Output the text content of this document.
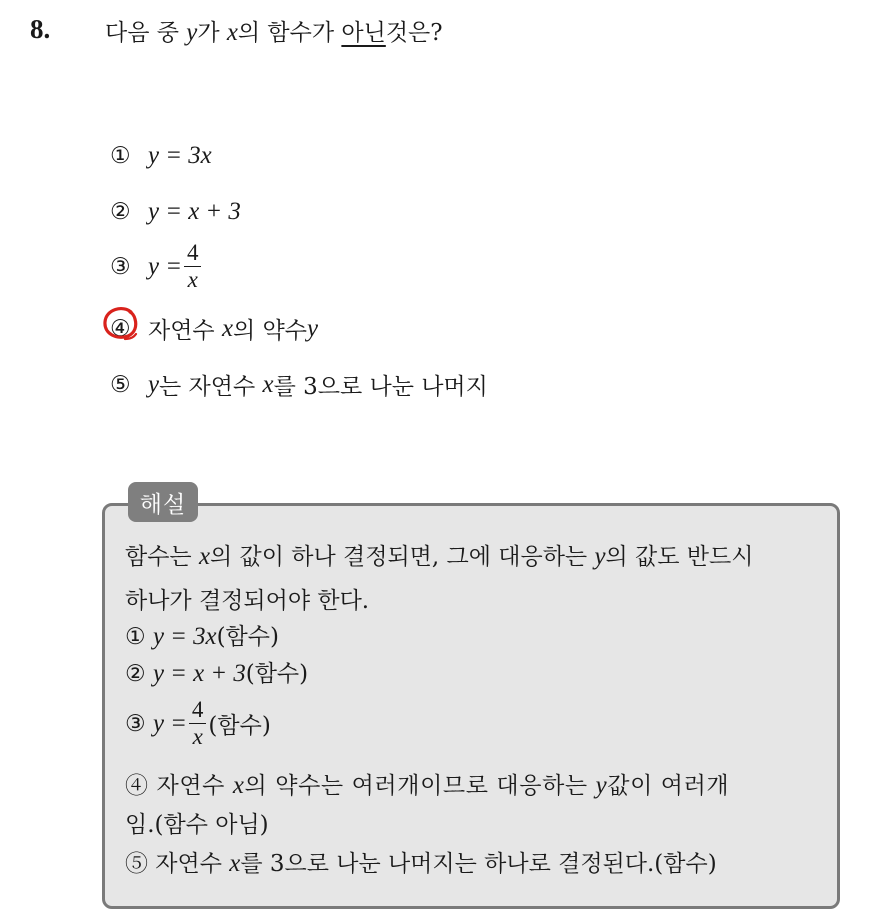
8. 다음 중 y가 x의 함수가 아닌것은?
① y = 3x
② y = x + 3
③ $y = \frac{4}{x}$
④ 자연수
x 의 약수 y
⑤ y 는 자연수
x 를 3으로 나눈 나머지
해설
함수는 x의 값이 하나 결정되면, 그에 대응하는 y의 값도 반드시
하나가 결정되어야 한다.
① y = 3x(함수)
② y = x + 3(함수)
③
$y = \frac{4}{x}$ (함수)
④ 자연수 x의 약수는 여러개이므로 대응하는 y값이 여러개
임.(함수 아님)
⑤ 자연수 x를 3으로 나눈 나머지는 하나로 결정된다.(함수)
